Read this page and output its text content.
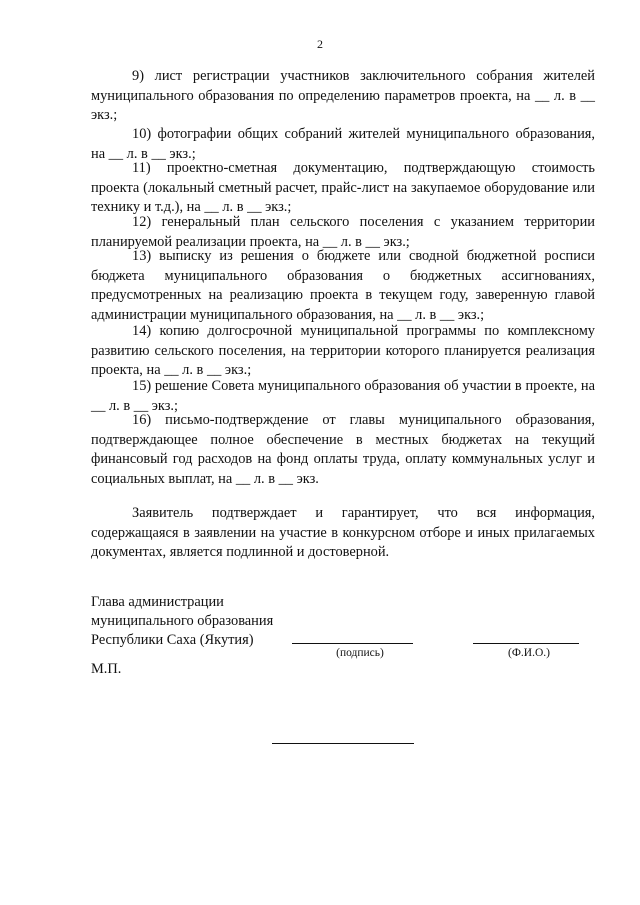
2

9) лист регистрации участников заключительного собрания жителей муниципального образования по определению параметров проекта, на __ л. в __ экз.;

10) фотографии общих собраний жителей муниципального образования, на __ л. в __ экз.;

11) проектно-сметная документацию, подтверждающую стоимость проекта (локальный сметный расчет, прайс-лист на закупаемое оборудование или технику и т.д.), на __ л. в __ экз.;

12) генеральный план сельского поселения с указанием территории планируемой реализации проекта, на __ л. в __ экз.;

13) выписку из решения о бюджете или сводной бюджетной росписи бюджета муниципального образования о бюджетных ассигнованиях, предусмотренных на реализацию проекта в текущем году, заверенную главой администрации муниципального образования, на __ л. в __ экз.;

14) копию долгосрочной муниципальной программы по комплексному развитию сельского поселения, на территории которого планируется реализация проекта, на __ л. в __ экз.;

15) решение Совета муниципального образования об участии в проекте, на __ л. в __ экз.;

16) письмо-подтверждение от главы муниципального образования, подтверждающее полное обеспечение в местных бюджетах на текущий финансовый год расходов на фонд оплаты труда, оплату коммунальных услуг и социальных выплат, на __ л. в __ экз.

Заявитель подтверждает и гарантирует, что вся информация, содержащаяся в заявлении на участие в конкурсном отборе и иных прилагаемых документах, является подлинной и достоверной.

Глава администрации
муниципального образования
Республики Саха (Якутия)
(подпись)	(Ф.И.О.)
М.П.
